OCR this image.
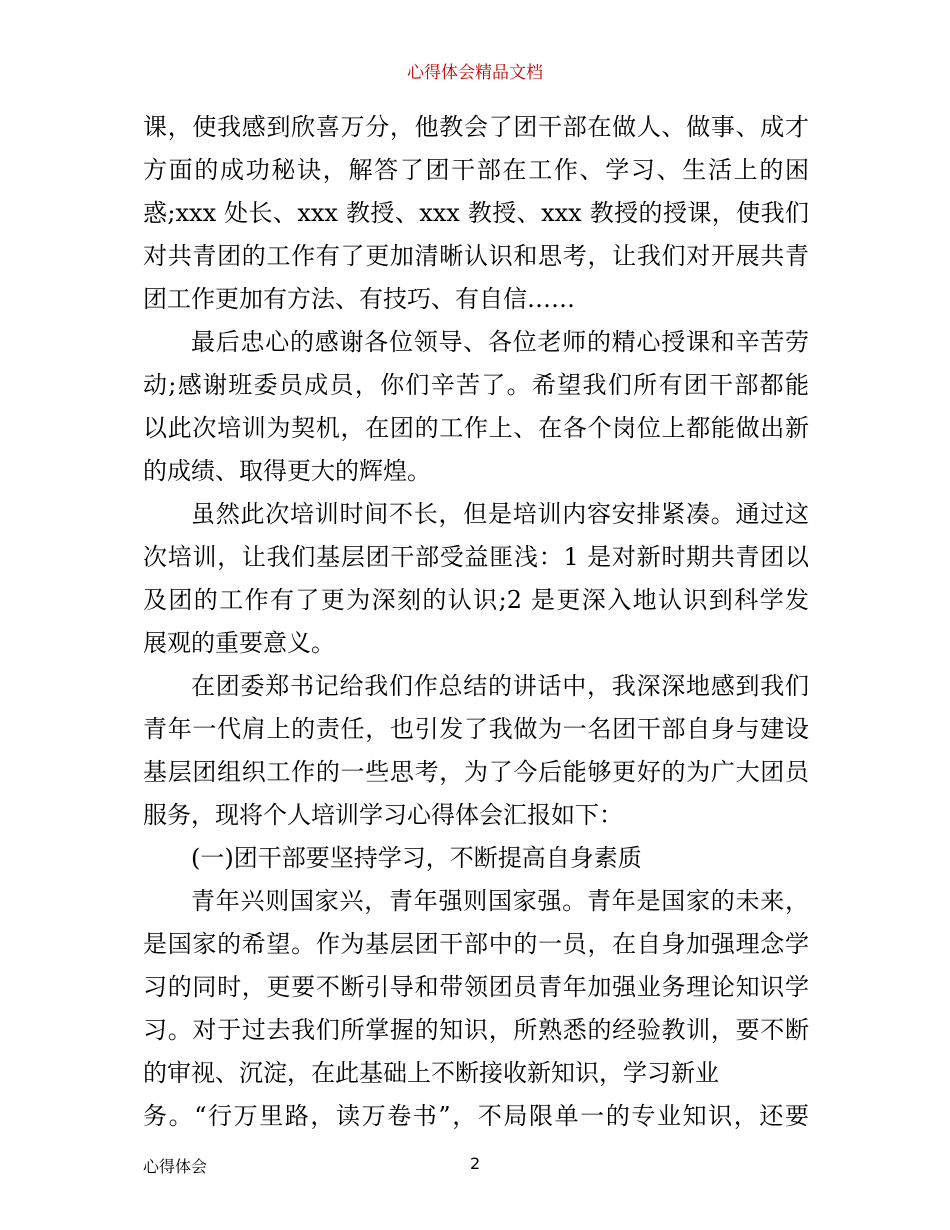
心得体会精品文档
课，使我感到欣喜万分，他教会了团干部在做人、做事、成才
方面的成功秘诀，解答了团干部在工作、学习、生活上的困
惑;xxx 处长、xxx 教授、xxx 教授、xxx 教授的授课，使我们
对共青团的工作有了更加清晰认识和思考，让我们对开展共青
团工作更加有方法、有技巧、有自信……
最后忠心的感谢各位领导、各位老师的精心授课和辛苦劳
动;感谢班委员成员，你们辛苦了。希望我们所有团干部都能
以此次培训为契机，在团的工作上、在各个岗位上都能做出新
的成绩、取得更大的辉煌。
虽然此次培训时间不长，但是培训内容安排紧凑。通过这
次培训，让我们基层团干部受益匪浅：1 是对新时期共青团以
及团的工作有了更为深刻的认识;2 是更深入地认识到科学发
展观的重要意义。
在团委郑书记给我们作总结的讲话中，我深深地感到我们
青年一代肩上的责任，也引发了我做为一名团干部自身与建设
基层团组织工作的一些思考，为了今后能够更好的为广大团员
服务，现将个人培训学习心得体会汇报如下：
(一)团干部要坚持学习，不断提高自身素质
青年兴则国家兴，青年强则国家强。青年是国家的未来，
是国家的希望。作为基层团干部中的一员，在自身加强理念学
习的同时，更要不断引导和带领团员青年加强业务理论知识学
习。对于过去我们所掌握的知识，所熟悉的经验教训，要不断
的审视、沉淀，在此基础上不断接收新知识，学习新业
务。“行万里路，读万卷书”，不局限单一的专业知识，还要
心得体会	2
